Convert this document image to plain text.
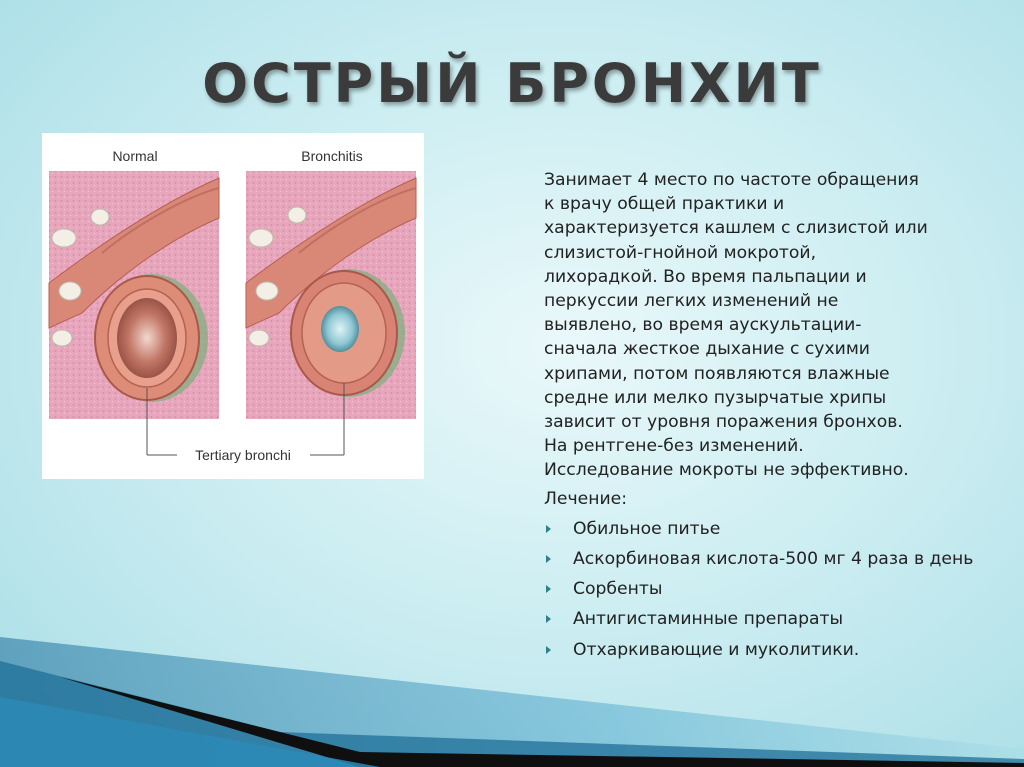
ОСТРЫЙ БРОНХИТ
Normal	Bronchitis
Tertiary bronchi

Занимает 4 место по частоте обращения
к врачу общей практики и
характеризуется кашлем с слизистой или
слизистой-гнойной мокротой,
лихорадкой. Во время пальпации и
перкуссии легких изменений не
выявлено, во время аускультации-
сначала жесткое дыхание с сухими
хрипами, потом появляются влажные
средне или мелко пузырчатые хрипы
зависит от уровня поражения бронхов.
На рентгене-без изменений.
Исследование мокроты не эффективно.

Лечение:

Обильное питье
Аскорбиновая кислота-500 мг 4 раза в день
Сорбенты
Антигистаминные препараты
Отхаркивающие и муколитики.
